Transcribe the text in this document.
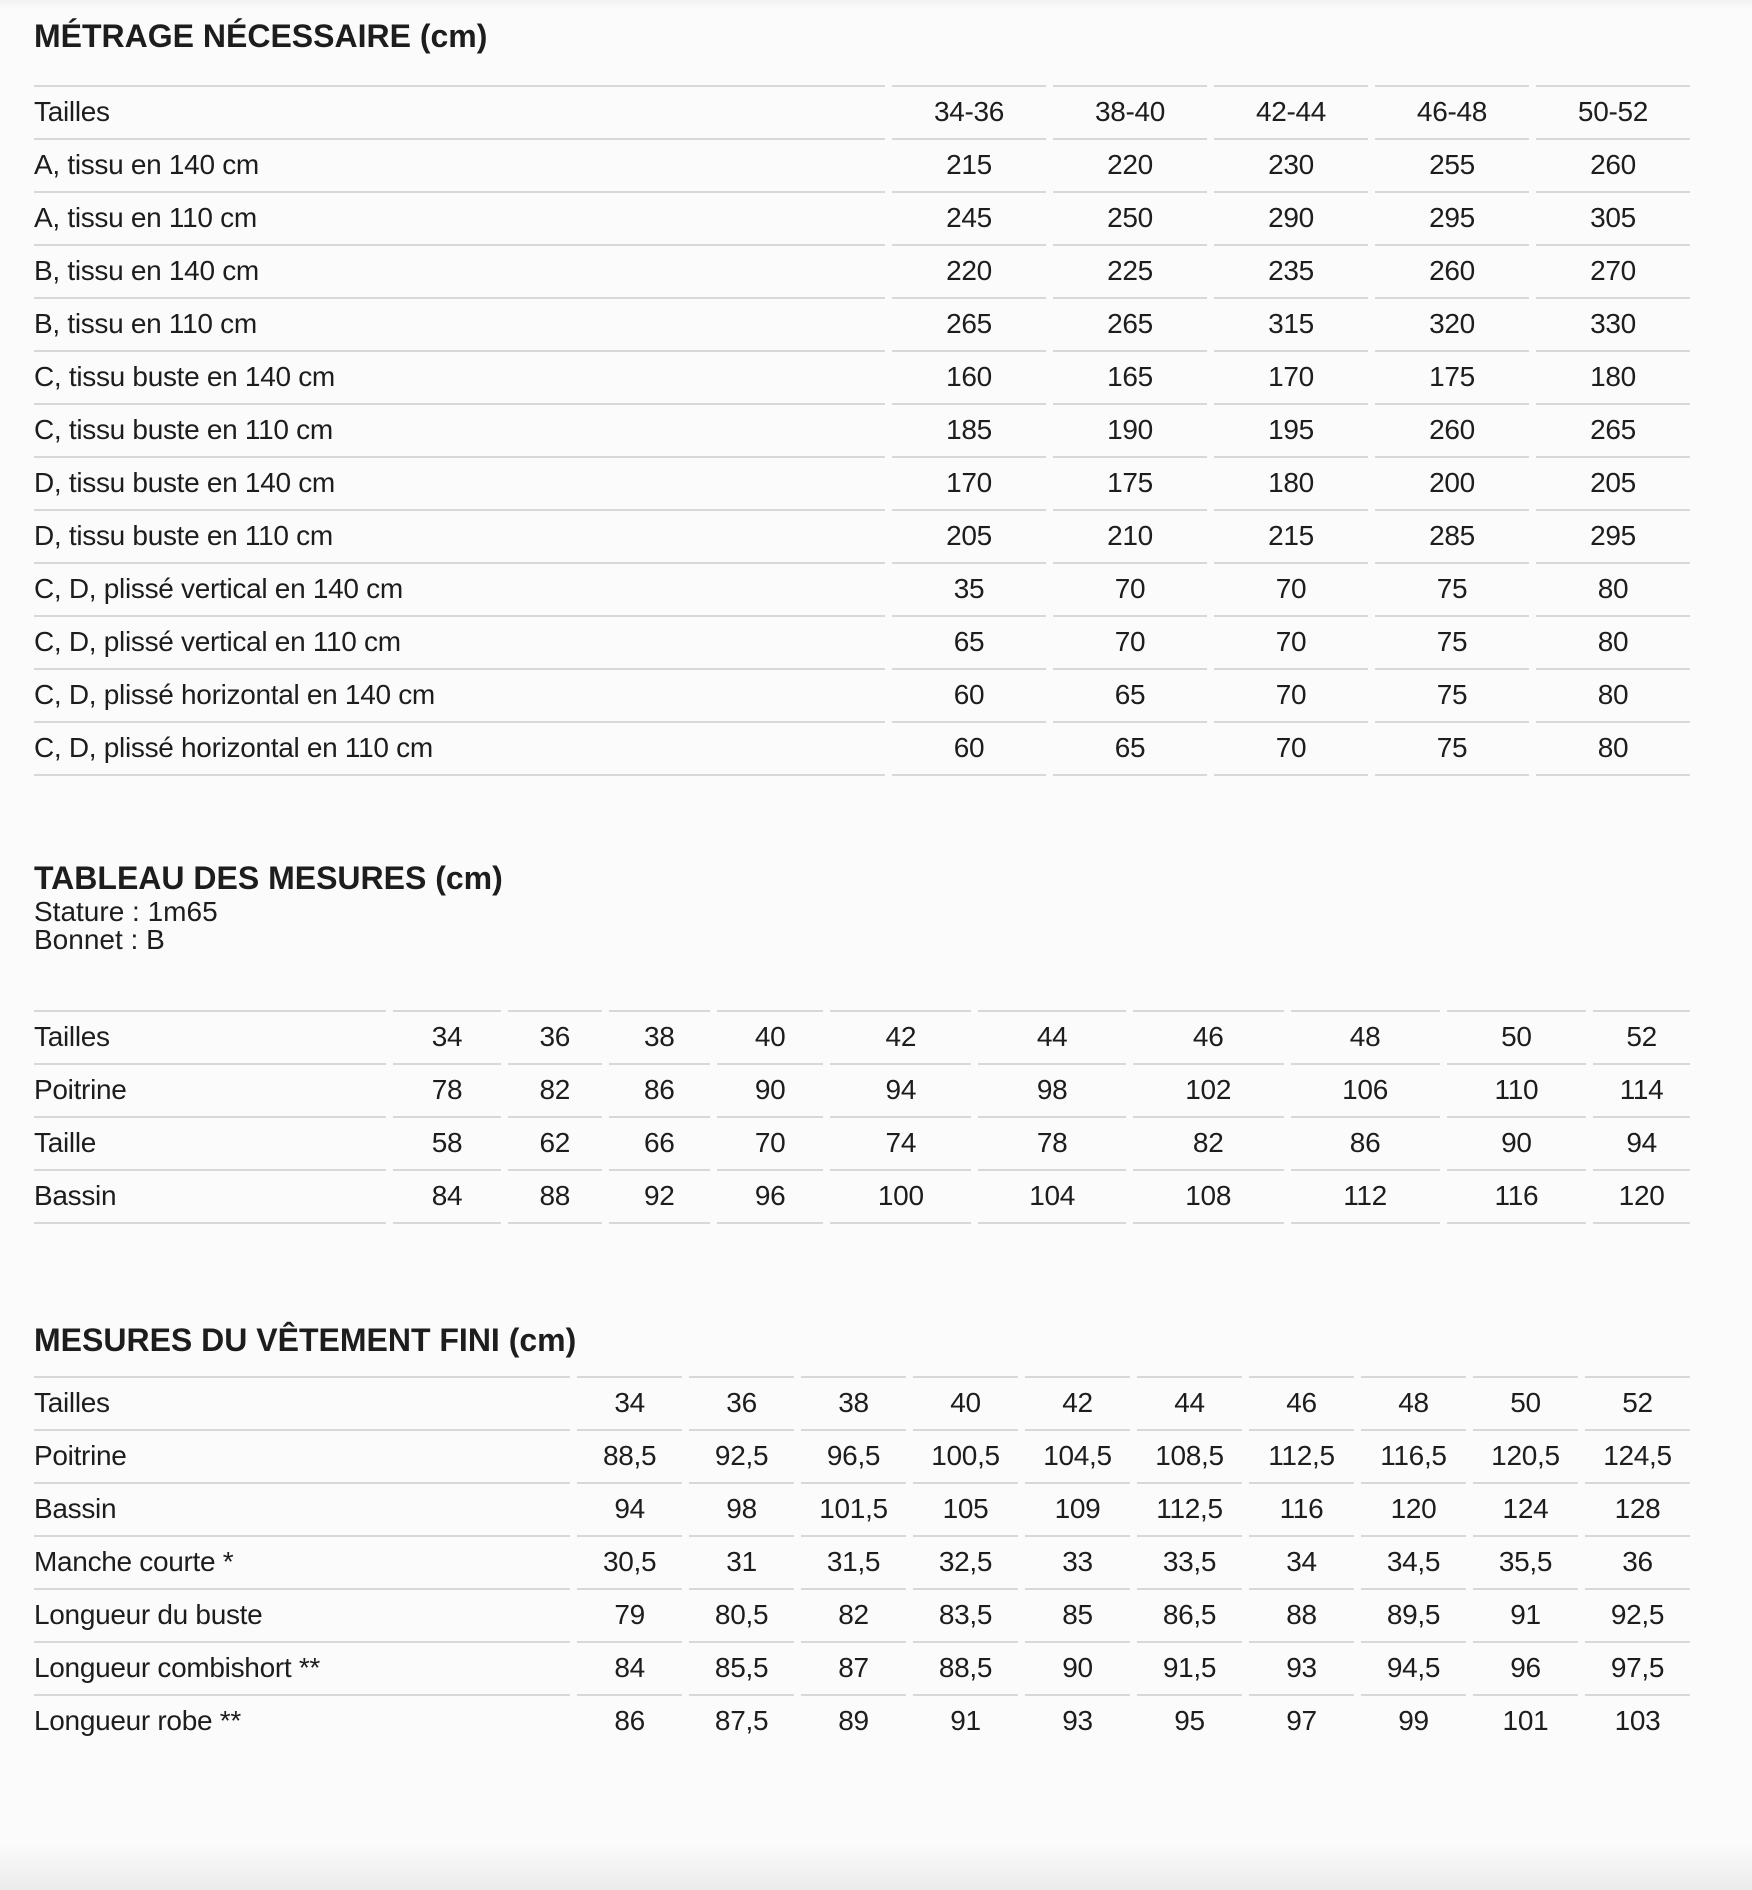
MÉTRAGE NÉCESSAIRE (cm)
Tailles	34-36	38-40	42-44	46-48	50-52
A, tissu en 140 cm	215	220	230	255	260
A, tissu en 110 cm	245	250	290	295	305
B, tissu en 140 cm	220	225	235	260	270
B, tissu en 110 cm	265	265	315	320	330
C, tissu buste en 140 cm	160	165	170	175	180
C, tissu buste en 110 cm	185	190	195	260	265
D, tissu buste en 140 cm	170	175	180	200	205
D, tissu buste en 110 cm	205	210	215	285	295
C, D, plissé vertical en 140 cm	35	70	70	75	80
C, D, plissé vertical en 110 cm	65	70	70	75	80
C, D, plissé horizontal en 140 cm	60	65	70	75	80
C, D, plissé horizontal en 110 cm	60	65	70	75	80
TABLEAU DES MESURES (cm)

Stature : 1m65

Bonnet : B

Tailles	34	36	38	40	42	44	46	48	50	52
Poitrine	78	82	86	90	94	98	102	106	110	114
Taille	58	62	66	70	74	78	82	86	90	94
Bassin	84	88	92	96	100	104	108	112	116	120
MESURES DU VÊTEMENT FINI (cm)
Tailles	34	36	38	40	42	44	46	48	50	52
Poitrine	88,5	92,5	96,5	100,5	104,5	108,5	112,5	116,5	120,5	124,5
Bassin	94	98	101,5	105	109	112,5	116	120	124	128
Manche courte *	30,5	31	31,5	32,5	33	33,5	34	34,5	35,5	36
Longueur du buste	79	80,5	82	83,5	85	86,5	88	89,5	91	92,5
Longueur combishort **	84	85,5	87	88,5	90	91,5	93	94,5	96	97,5
Longueur robe **	86	87,5	89	91	93	95	97	99	101	103
